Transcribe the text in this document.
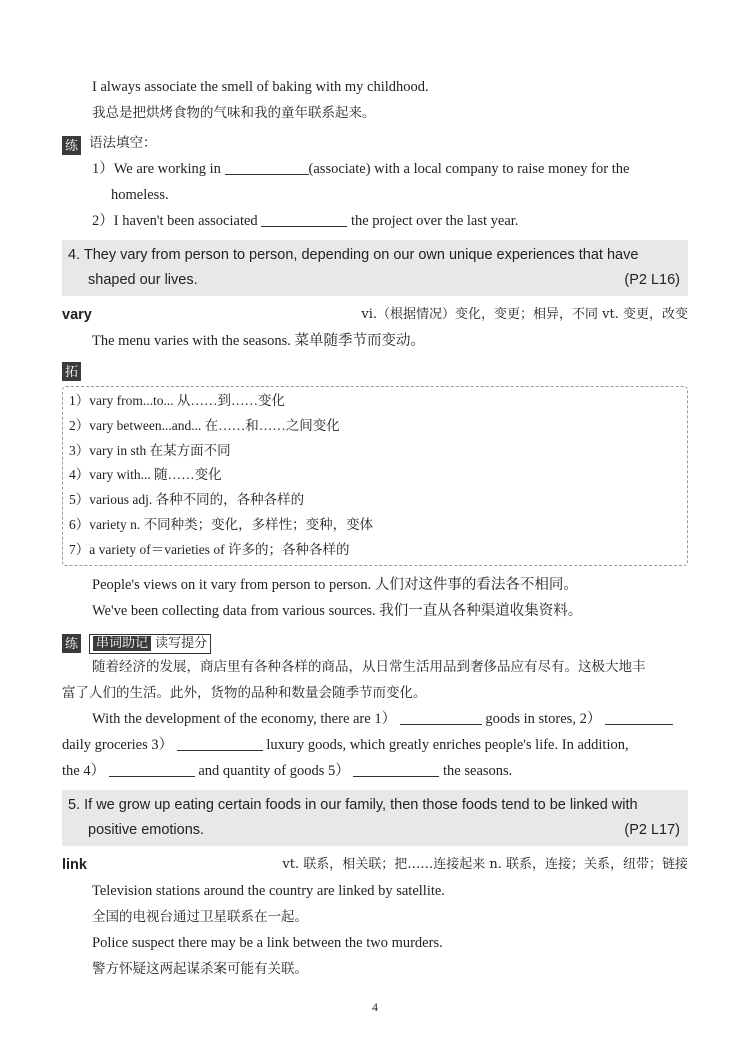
I always associate the smell of baking with my childhood.
我总是把烘烤食物的气味和我的童年联系起来。
练 语法填空：
1）We are working in	(associate) with a local company to raise money for the
homeless.
2）I haven't been associated	the project over the last year.
4. They vary from person to person, depending on our own unique experiences that have
shaped our lives.	(P2 L16)
vary	vi.（根据情况）变化，变更；相异，不同 vt. 变更，改变
The menu varies with the seasons. 菜单随季节而变动。
拓
1）vary from...to... 从……到……变化
2）vary between...and... 在……和……之间变化
3）vary in sth 在某方面不同
4）vary with... 随……变化
5）various adj. 各种不同的，各种各样的
6）variety n. 不同种类；变化，多样性；变种，变体
7）a variety of＝varieties of 许多的；各种各样的
People's views on it vary from person to person. 人们对这件事的看法各不相同。
We've been collecting data from various sources. 我们一直从各种渠道收集资料。
练 串词助记 读写提分
随着经济的发展，商店里有各种各样的商品，从日常生活用品到奢侈品应有尽有。这极大地丰
富了人们的生活。此外，货物的品种和数量会随季节而变化。
With the development of the economy, there are 1）	goods in stores, 2）
daily groceries 3）	luxury goods, which greatly enriches people's life. In addition,
the 4）	and quantity of goods 5）	the seasons.
5. If we grow up eating certain foods in our family, then those foods tend to be linked with
positive emotions.	(P2 L17)
link	vt. 联系，相关联；把……连接起来 n. 联系，连接；关系，纽带；链接
Television stations around the country are linked by satellite.
全国的电视台通过卫星联系在一起。
Police suspect there may be a link between the two murders.
警方怀疑这两起谋杀案可能有关联。
4
